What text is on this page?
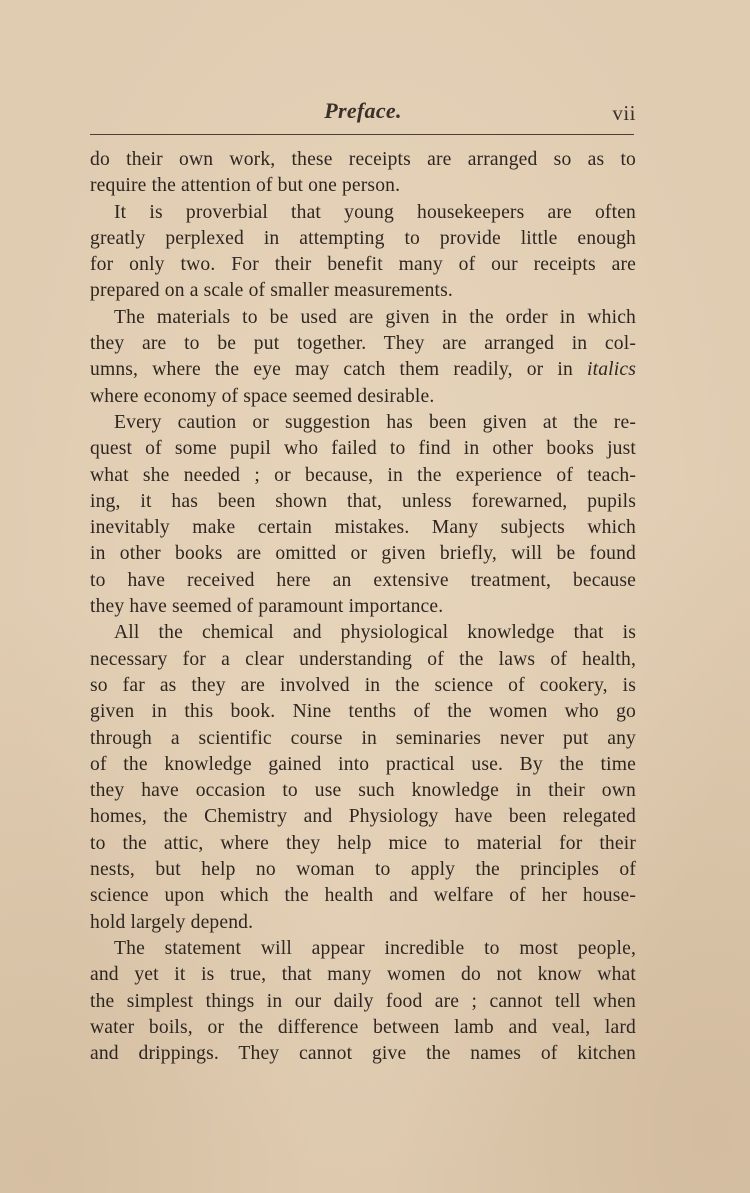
Preface.	vii
do their own work, these receipts are arranged so as to
require the attention of but one person.
It is proverbial that young housekeepers are often
greatly perplexed in attempting to provide little enough
for only two. For their benefit many of our receipts are
prepared on a scale of smaller measurements.
The materials to be used are given in the order in which
they are to be put together. They are arranged in col-
umns, where the eye may catch them readily, or in italics
where economy of space seemed desirable.
Every caution or suggestion has been given at the re-
quest of some pupil who failed to find in other books just
what she needed ; or because, in the experience of teach-
ing, it has been shown that, unless forewarned, pupils
inevitably make certain mistakes. Many subjects which
in other books are omitted or given briefly, will be found
to have received here an extensive treatment, because
they have seemed of paramount importance.
All the chemical and physiological knowledge that is
necessary for a clear understanding of the laws of health,
so far as they are involved in the science of cookery, is
given in this book. Nine tenths of the women who go
through a scientific course in seminaries never put any
of the knowledge gained into practical use. By the time
they have occasion to use such knowledge in their own
homes, the Chemistry and Physiology have been relegated
to the attic, where they help mice to material for their
nests, but help no woman to apply the principles of
science upon which the health and welfare of her house-
hold largely depend.
The statement will appear incredible to most people,
and yet it is true, that many women do not know what
the simplest things in our daily food are ; cannot tell when
water boils, or the difference between lamb and veal, lard
and drippings. They cannot give the names of kitchen
